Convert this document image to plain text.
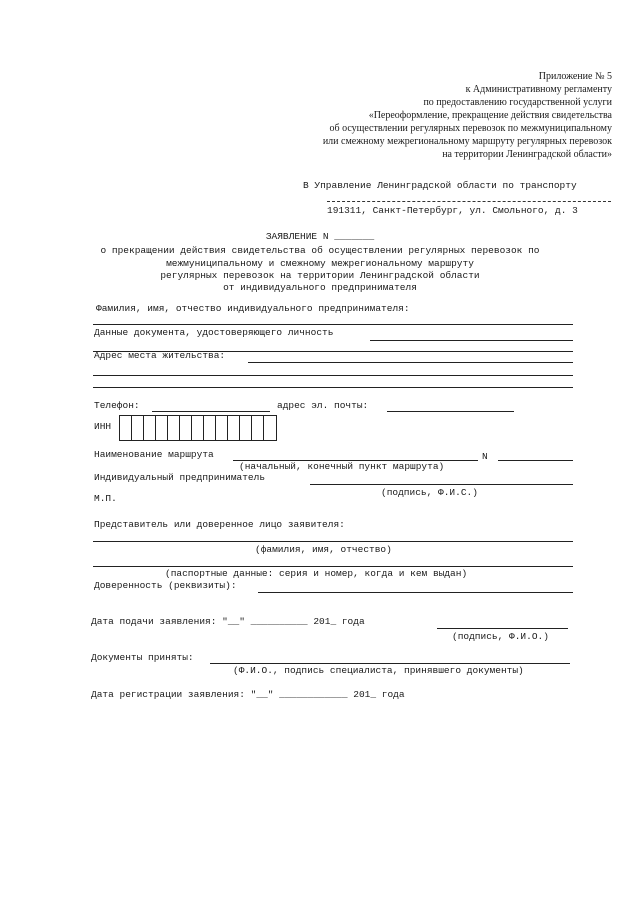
Приложение № 5
к Административному регламенту
по предоставлению государственной услуги
«Переоформление, прекращение действия свидетельства
об осуществлении регулярных перевозок по межмуниципальному
или смежному межрегиональному маршруту регулярных перевозок
на территории Ленинградской области»
В Управление Ленинградской области по транспорту
191311, Санкт-Петербург, ул. Смольного, д. 3
ЗАЯВЛЕНИЕ N _______
о прекращении действия свидетельства об осуществлении регулярных перевозок по
межмуниципальному и смежному межрегиональному маршруту
регулярных перевозок на территории Ленинградской области
от индивидуального предпринимателя
Фамилия, имя, отчество индивидуального предпринимателя:
Данные документа, удостоверяющего личность
Адрес места жительства:
Телефон:	адрес эл. почты:
ИНН
Наименование маршрута	N
(начальный, конечный пункт маршрута)
Индивидуальный предприниматель
(подпись, Ф.И.С.)
М.П.
Представитель или доверенное лицо заявителя:
(фамилия, имя, отчество)
(паспортные данные: серия и номер, когда и кем выдан)
Доверенность (реквизиты):
Дата подачи заявления: "__" __________ 201_ года
(подпись, Ф.И.О.)
Документы приняты:
(Ф.И.О., подпись специалиста, принявшего документы)
Дата регистрации заявления: "__" ____________ 201_ года
